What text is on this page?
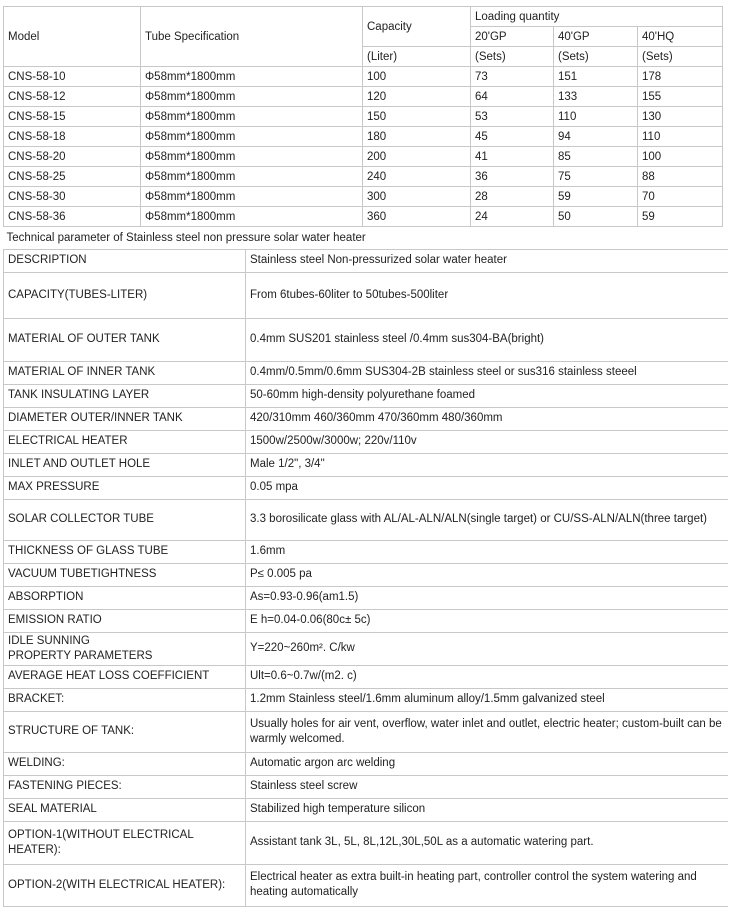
Model	Tube Specification	Capacity	Loading quantity		
			20'GP	40'GP	40'HQ
		(Liter)	(Sets)	(Sets)	(Sets)
CNS-58-10	Φ58mm*1800mm	100	73	151	178
CNS-58-12	Φ58mm*1800mm	120	64	133	155
CNS-58-15	Φ58mm*1800mm	150	53	110	130
CNS-58-18	Φ58mm*1800mm	180	45	94	110
CNS-58-20	Φ58mm*1800mm	200	41	85	100
CNS-58-25	Φ58mm*1800mm	240	36	75	88
CNS-58-30	Φ58mm*1800mm	300	28	59	70
CNS-58-36	Φ58mm*1800mm	360	24	50	59
Technical parameter of Stainless steel non pressure solar water heater	
DESCRIPTION	Stainless steel Non-pressurized solar water heater
CAPACITY(TUBES-LITER)	From 6tubes-60liter to 50tubes-500liter
MATERIAL OF OUTER TANK	0.4mm SUS201 stainless steel /0.4mm sus304-BA(bright)
MATERIAL OF INNER TANK	0.4mm/0.5mm/0.6mm SUS304-2B stainless steel or sus316 stainless steeel
TANK INSULATING LAYER	50-60mm high-density polyurethane foamed
DIAMETER OUTER/INNER TANK	420/310mm 460/360mm 470/360mm 480/360mm
ELECTRICAL HEATER	1500w/2500w/3000w; 220v/110v
INLET AND OUTLET HOLE	Male 1/2", 3/4"
MAX PRESSURE	0.05 mpa
SOLAR COLLECTOR TUBE	3.3 borosilicate glass with AL/AL-ALN/ALN(single target) or CU/SS-ALN/ALN(three target)
THICKNESS OF GLASS TUBE	1.6mm
VACUUM TUBETIGHTNESS	P≤ 0.005 pa
ABSORPTION	As=0.93-0.96(am1.5)
EMISSION RATIO	E h=0.04-0.06(80c± 5c)
IDLE SUNNING
PROPERTY PARAMETERS	Y=220~260m². C/kw
AVERAGE HEAT LOSS COEFFICIENT	Ult=0.6~0.7w/(m2. c)
BRACKET:	1.2mm Stainless steel/1.6mm aluminum alloy/1.5mm galvanized steel
STRUCTURE OF TANK:	Usually holes for air vent, overflow, water inlet and outlet, electric heater; custom-built can be warmly welcomed.
WELDING:	Automatic argon arc welding
FASTENING PIECES:	Stainless steel screw
SEAL MATERIAL	Stabilized high temperature silicon
OPTION-1(WITHOUT ELECTRICAL HEATER):	Assistant tank 3L, 5L, 8L,12L,30L,50L as a automatic watering part.
OPTION-2(WITH ELECTRICAL HEATER):	Electrical heater as extra built-in heating part, controller control the system watering and heating automatically
